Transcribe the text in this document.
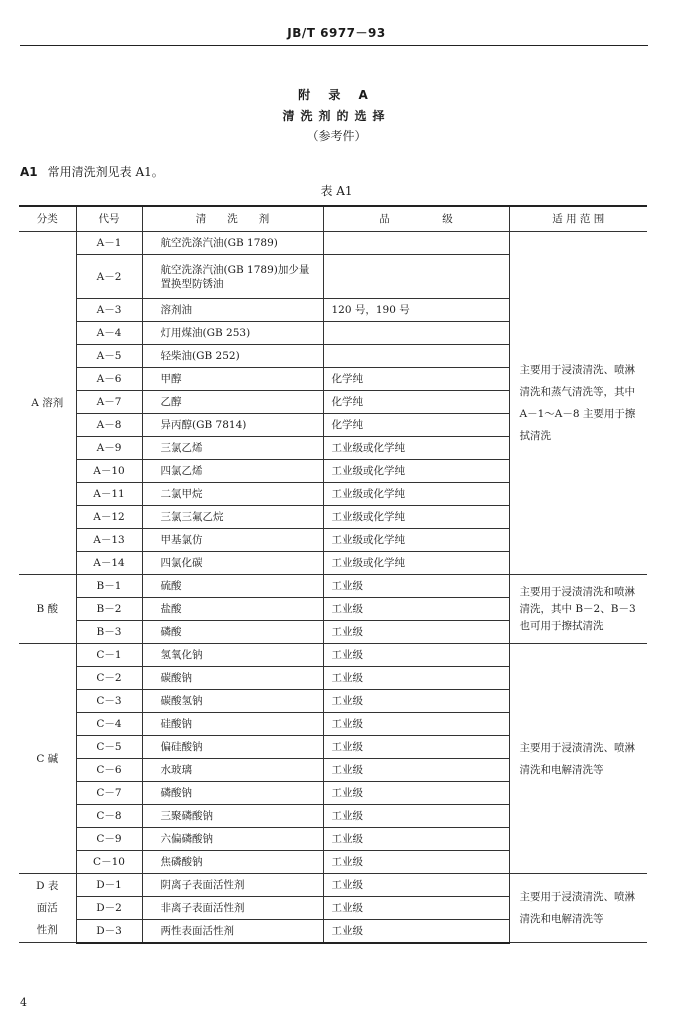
JB/T 6977－93
附 录 A
清洗剂的选择
（参考件）
A1 常用清洗剂见表 A1。
表 A1
分类	代号	清　　洗　　剂	品　　　　　级	适 用 范 围
A 溶剂	A－1	航空洗涤汽油(GB 1789)		主要用于浸渍清洗、喷淋清洗和蒸气清洗等，其中 A－1～A－8 主要用于擦拭清洗
	A－2	航空洗涤汽油(GB 1789)加少量置换型防锈油		
	A－3	溶剂油	120 号，190 号	
	A－4	灯用煤油(GB 253)		
	A－5	轻柴油(GB 252)		
	A－6	甲醇	化学纯	
	A－7	乙醇	化学纯	
	A－8	异丙醇(GB 7814)	化学纯	
	A－9	三氯乙烯	工业级或化学纯	
	A－10	四氯乙烯	工业级或化学纯	
	A－11	二氯甲烷	工业级或化学纯	
	A－12	三氯三氟乙烷	工业级或化学纯	
	A－13	甲基氯仿	工业级或化学纯	
	A－14	四氯化碳	工业级或化学纯	
B 酸	B－1	硫酸	工业级	主要用于浸渍清洗和喷淋清洗，其中 B－2、B－3 也可用于擦拭清洗
	B－2	盐酸	工业级	
	B－3	磷酸	工业级	
C 碱	C－1	氢氧化钠	工业级	主要用于浸渍清洗、喷淋清洗和电解清洗等
	C－2	碳酸钠	工业级	
	C－3	碳酸氢钠	工业级	
	C－4	硅酸钠	工业级	
	C－5	偏硅酸钠	工业级	
	C－6	水玻璃	工业级	
	C－7	磷酸钠	工业级	
	C－8	三聚磷酸钠	工业级	
	C－9	六偏磷酸钠	工业级	
	C－10	焦磷酸钠	工业级	
D 表面活性剂	D－1	阴离子表面活性剂	工业级	主要用于浸渍清洗、喷淋清洗和电解清洗等
	D－2	非离子表面活性剂	工业级	
	D－3	两性表面活性剂	工业级	
4
